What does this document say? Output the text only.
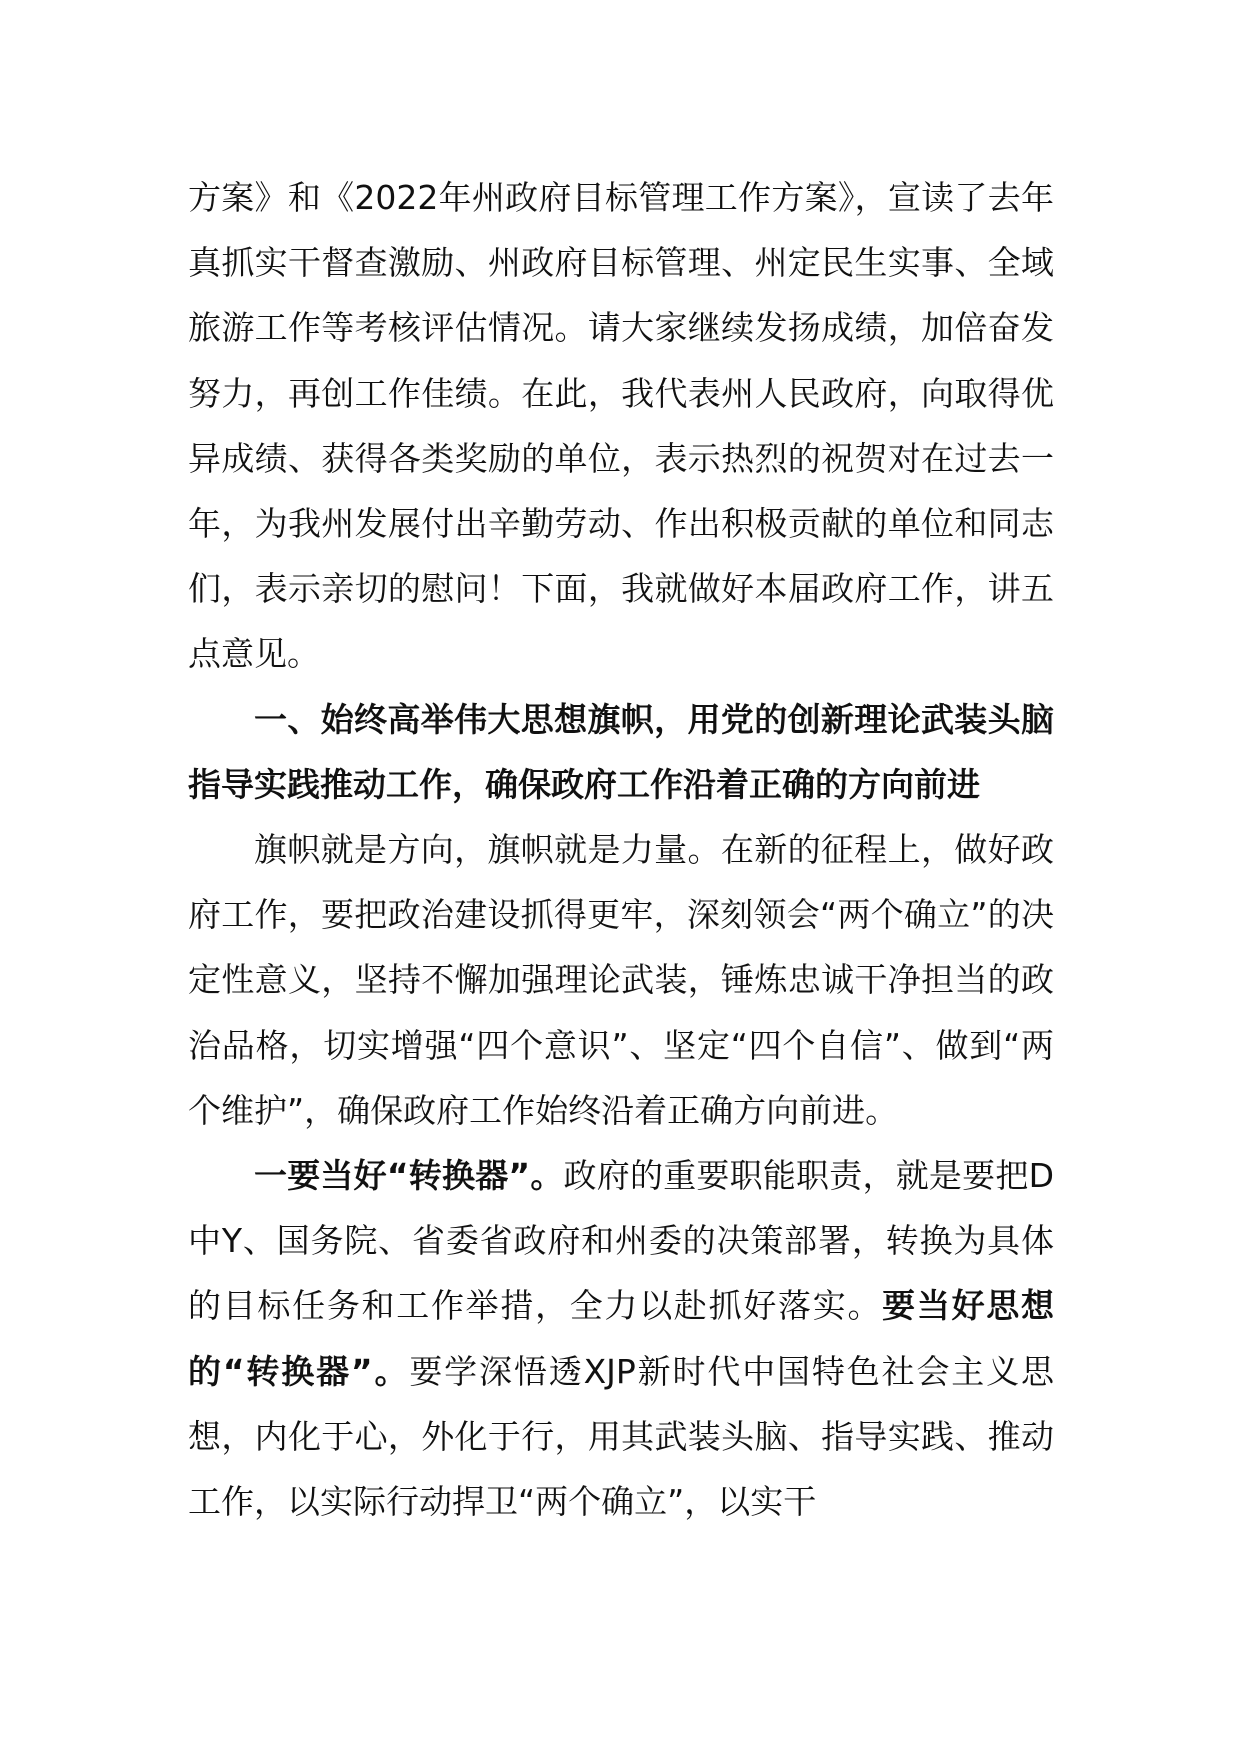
方案》和《2022年州政府目标管理工作方案》，宣读了去年真抓实干督查激励、州政府目标管理、州定民生实事、全域旅游工作等考核评估情况。请大家继续发扬成绩，加倍奋发努力，再创工作佳绩。在此，我代表州人民政府，向取得优异成绩、获得各类奖励的单位，表示热烈的祝贺对在过去一年，为我州发展付出辛勤劳动、作出积极贡献的单位和同志们，表示亲切的慰问！下面，我就做好本届政府工作，讲五点意见。

一、始终高举伟大思想旗帜，用党的创新理论武装头脑指导实践推动工作，确保政府工作沿着正确的方向前进

旗帜就是方向，旗帜就是力量。在新的征程上，做好政府工作，要把政治建设抓得更牢，深刻领会“两个确立”的决定性意义，坚持不懈加强理论武装，锤炼忠诚干净担当的政治品格，切实增强“四个意识”、坚定“四个自信”、做到“两个维护”，确保政府工作始终沿着正确方向前进。

一要当好“转换器”。政府的重要职能职责，就是要把D中Y、国务院、省委省政府和州委的决策部署，转换为具体的目标任务和工作举措，全力以赴抓好落实。要当好思想的“转换器”。要学深悟透XJP新时代中国特色社会主义思想，内化于心，外化于行，用其武装头脑、指导实践、推动工作，以实际行动捍卫“两个确立”，以实干
